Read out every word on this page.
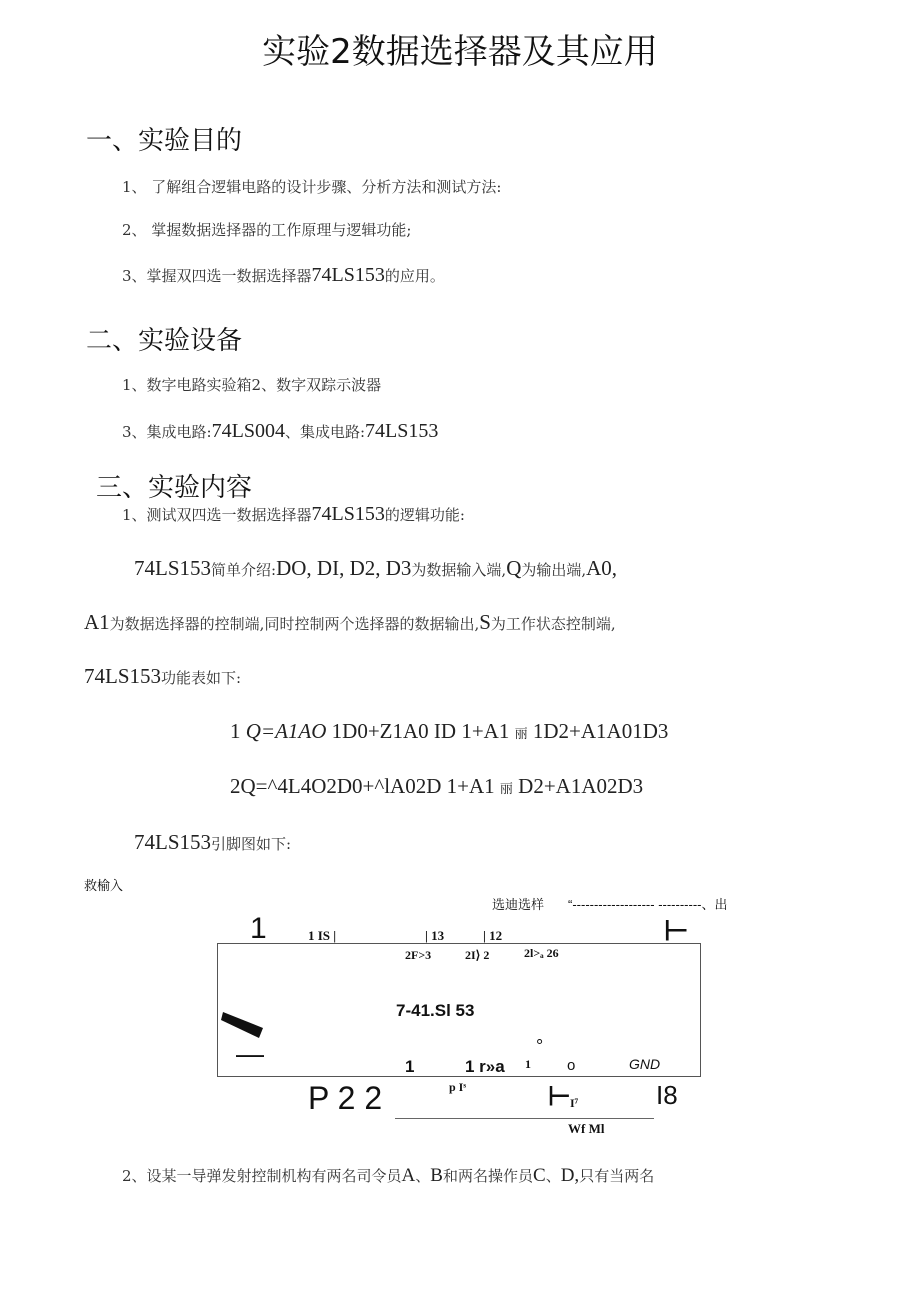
实验2数据选择器及其应用
一、实验目的
1、 了解组合逻辑电路的设计步骤、分析方法和测试方法:
2、 掌握数据选择器的工作原理与逻辑功能;
3、掌握双四选一数据选择器74LS153的应用。
二、实验设备
1、数字电路实验箱2、数字双踪示波器
3、集成电路:74LS004、集成电路:74LS153
三、实验内容
1、测试双四选一数据选择器74LS153的逻辑功能:
74LS153简单介绍:DO, DI, D2, D3为数据输入端,Q为输出端,A0,
A1为数据选择器的控制端,同时控制两个选择器的数据输出,S为工作状态控制端,
74LS153功能表如下:
1 Q=A1AO 1D0+Z1A0 ID 1+A1 丽 1D2+A1A01D3
2Q=^4L4O2D0+^lA02D 1+A1 丽 D2+A1A02D3
74LS153引脚图如下:
救榆入
选迪选样 “------------------- ----------、出
1	1 IS |	| 13	| 12	⊢
2F>3	2I⟩ 2	2l>ₐ 26
7-41.Sl 53
—	°
1	1 r»a 1 o	GND
P 2 2	p Iˢ	⊢ I⁷	I8
Wf Ml
2、设某一导弹发射控制机构有两名司令员A、B和两名操作员C、D,只有当两名
